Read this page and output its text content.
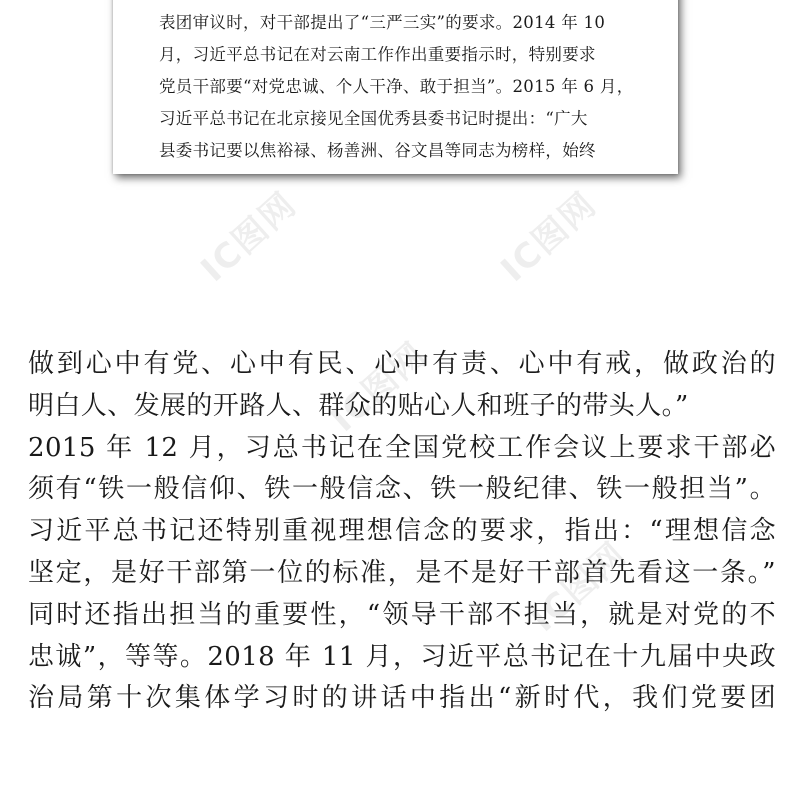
IC图网	IC图网
IC图网
IC图网
表团审议时，对干部提出了“三严三实”的要求。2014 年 10
月，习近平总书记在对云南工作作出重要指示时，特别要求
党员干部要“对党忠诚、个人干净、敢于担当”。2015 年 6 月，
习近平总书记在北京接见全国优秀县委书记时提出：“广大
县委书记要以焦裕禄、杨善洲、谷文昌等同志为榜样，始终
做到心中有党、心中有民、心中有责、心中有戒，做政治的
明白人、发展的开路人、群众的贴心人和班子的带头人。”
2015 年 12 月，习总书记在全国党校工作会议上要求干部必
须有“铁一般信仰、铁一般信念、铁一般纪律、铁一般担当”。
习近平总书记还特别重视理想信念的要求，指出：“理想信念
坚定，是好干部第一位的标准，是不是好干部首先看这一条。”
同时还指出担当的重要性，“领导干部不担当，就是对党的不
忠诚”，等等。2018 年 11 月，习近平总书记在十九届中央政
治局第十次集体学习时的讲话中指出“新时代，我们党要团
